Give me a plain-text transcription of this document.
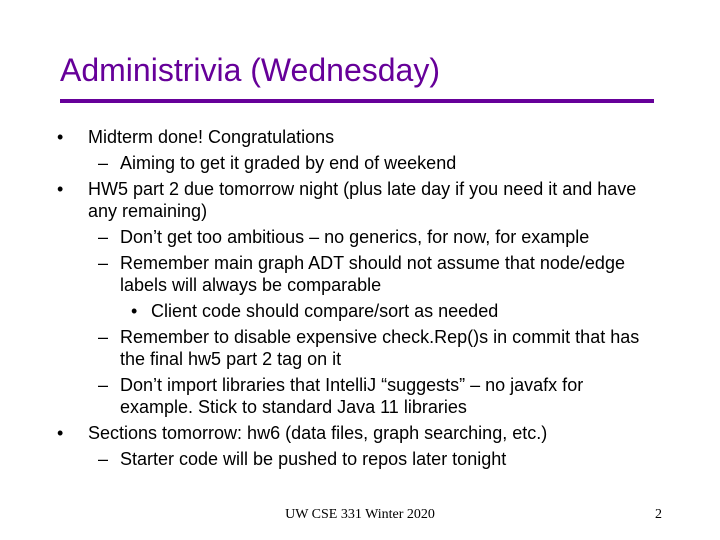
Administrivia (Wednesday)
• Midterm done! Congratulations
– Aiming to get it graded by end of weekend
• HW5 part 2 due tomorrow night (plus late day if you need it and have any remaining)
– Don’t get too ambitious – no generics, for now, for example
– Remember main graph ADT should not assume that node/edge labels will always be comparable
• Client code should compare/sort as needed
– Remember to disable expensive check.Rep()s in commit that has the final hw5 part 2 tag on it
– Don’t import libraries that IntelliJ “suggests” – no javafx for example. Stick to standard Java 11 libraries
• Sections tomorrow: hw6 (data files, graph searching, etc.)
– Starter code will be pushed to repos later tonight
UW CSE 331 Winter 2020	2
